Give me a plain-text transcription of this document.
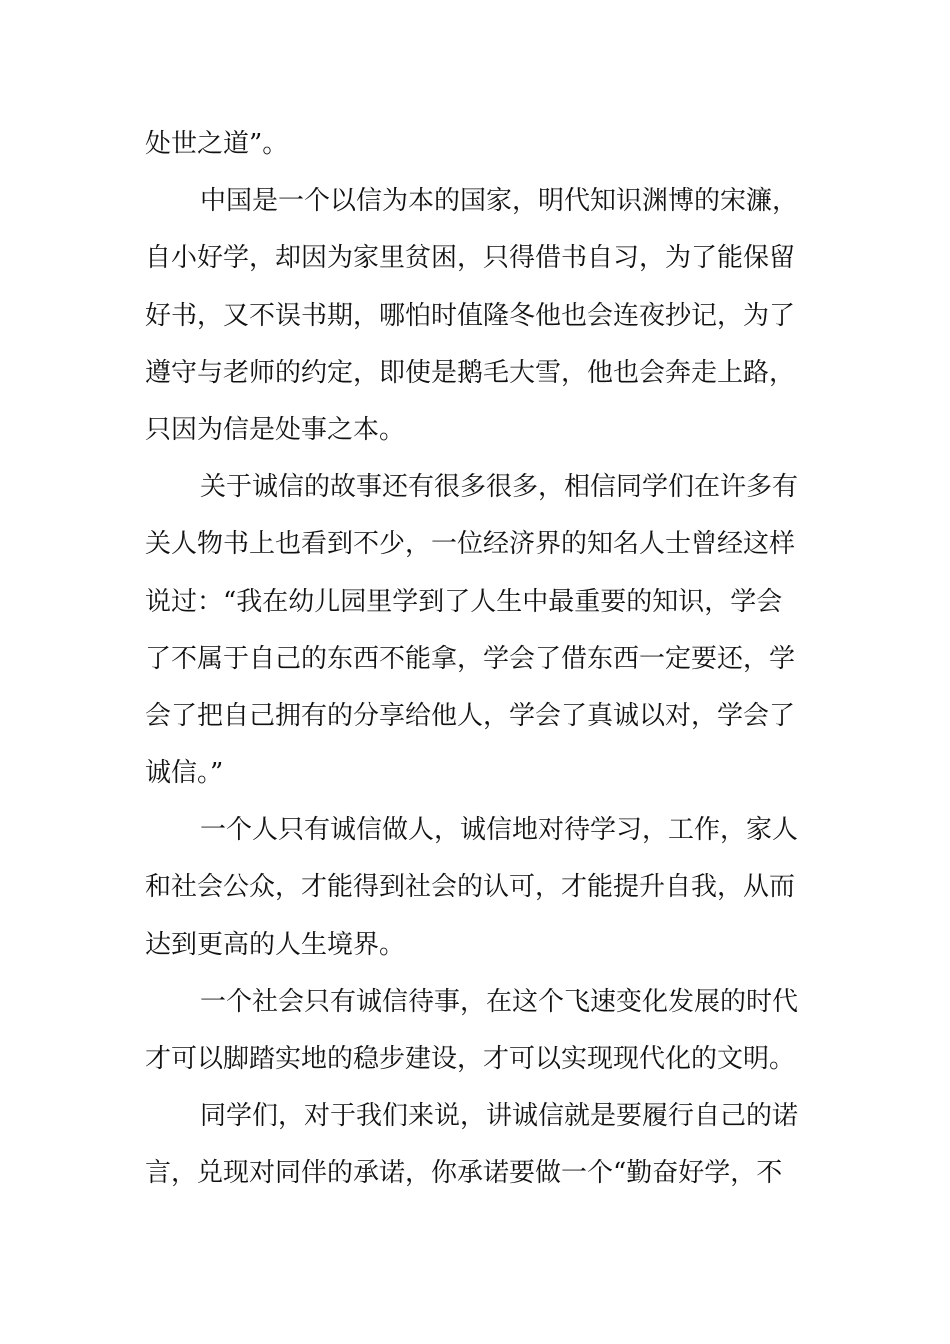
处世之道”。
中国是一个以信为本的国家，明代知识渊博的宋濂，
自小好学，却因为家里贫困，只得借书自习，为了能保留
好书，又不误书期，哪怕时值隆冬他也会连夜抄记，为了
遵守与老师的约定，即使是鹅毛大雪，他也会奔走上路，
只因为信是处事之本。
关于诚信的故事还有很多很多，相信同学们在许多有
关人物书上也看到不少，一位经济界的知名人士曾经这样
说过：“我在幼儿园里学到了人生中最重要的知识，学会
了不属于自己的东西不能拿，学会了借东西一定要还，学
会了把自己拥有的分享给他人，学会了真诚以对，学会了
诚信。”
一个人只有诚信做人，诚信地对待学习，工作，家人
和社会公众，才能得到社会的认可，才能提升自我，从而
达到更高的人生境界。
一个社会只有诚信待事，在这个飞速变化发展的时代
才可以脚踏实地的稳步建设，才可以实现现代化的文明。
同学们，对于我们来说，讲诚信就是要履行自己的诺
言，兑现对同伴的承诺，你承诺要做一个“勤奋好学，不
